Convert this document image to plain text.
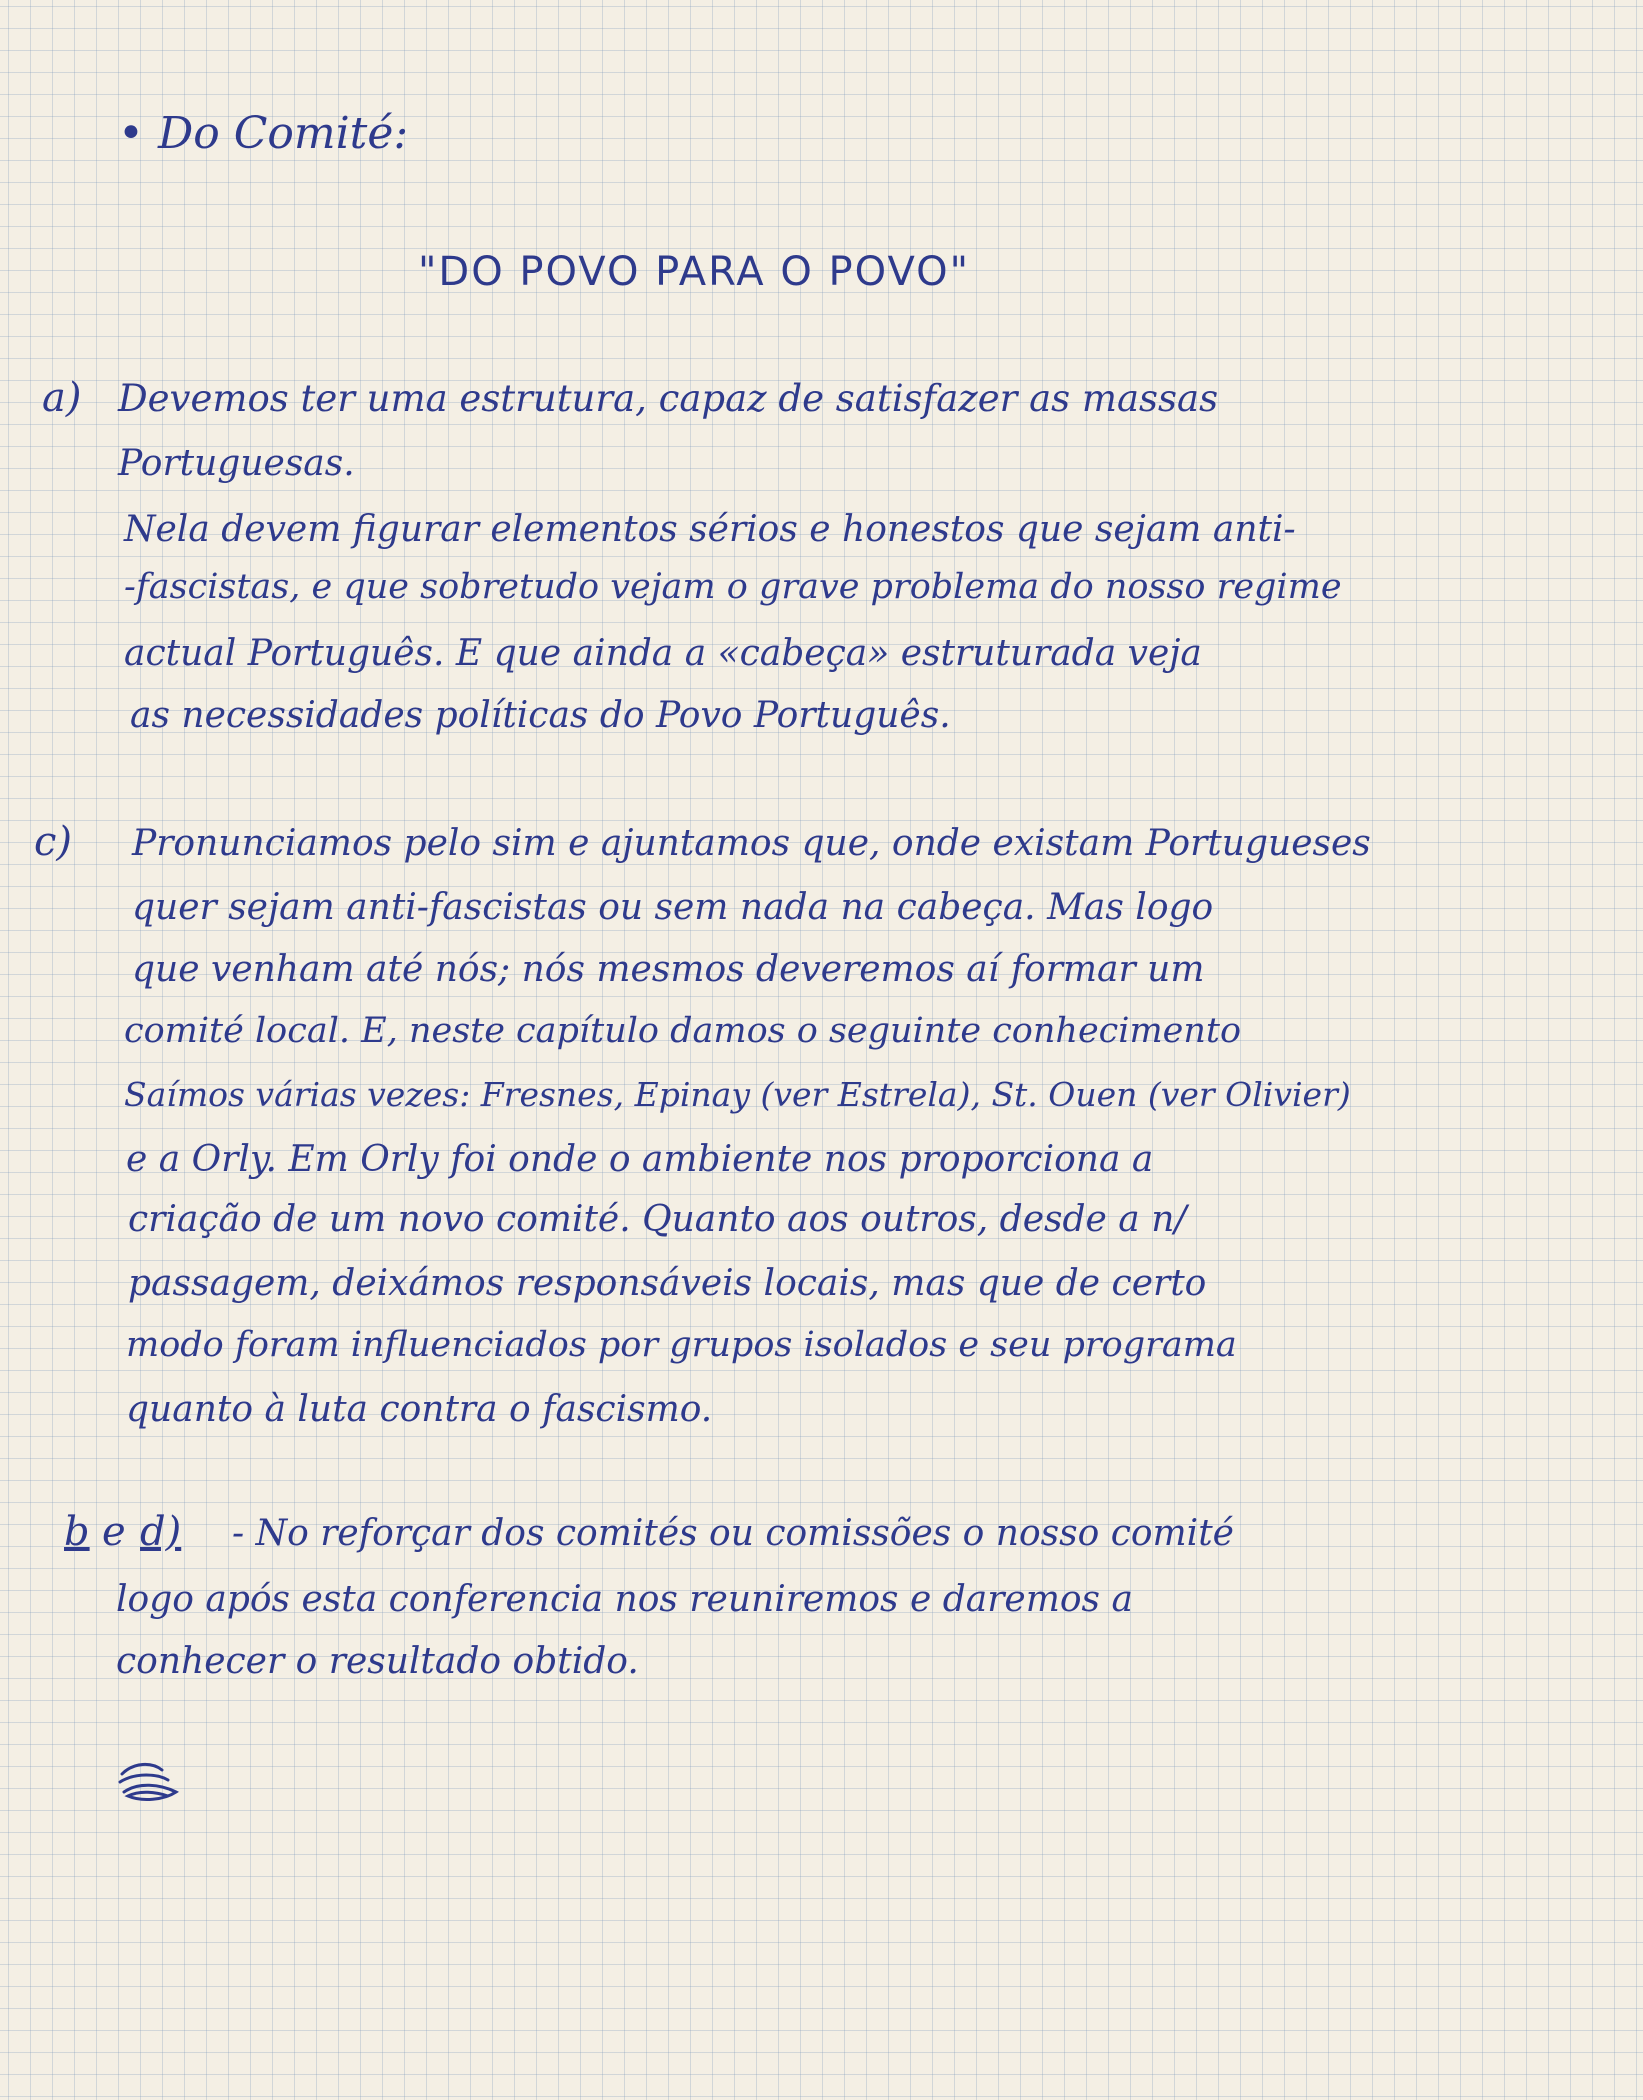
• Do Comité:
"DO POVO PARA O POVO"
a) Devemos ter uma estrutura, capaz de satisfazer as massas
Portuguesas.
Nela devem figurar elementos sérios e honestos que sejam anti-
-fascistas, e que sobretudo vejam o grave problema do nosso regime
actual Português. E que ainda a «cabeça» estruturada veja
as necessidades políticas do Povo Português.
c) Pronunciamos pelo sim e ajuntamos que, onde existam Portugueses
quer sejam anti-fascistas ou sem nada na cabeça. Mas logo
que venham até nós; nós mesmos deveremos aí formar um
comité local. E, neste capítulo damos o seguinte conhecimento
Saímos várias vezes: Fresnes, Epinay (ver Estrela), St. Ouen (ver Olivier)
e a Orly. Em Orly foi onde o ambiente nos proporciona a
criação de um novo comité. Quanto aos outros, desde a n/
passagem, deixámos responsáveis locais, mas que de certo
modo foram influenciados por grupos isolados e seu programa
quanto à luta contra o fascismo.
b e d) - No reforçar dos comités ou comissões o nosso comité
logo após esta conferencia nos reuniremos e daremos a
conhecer o resultado obtido.
